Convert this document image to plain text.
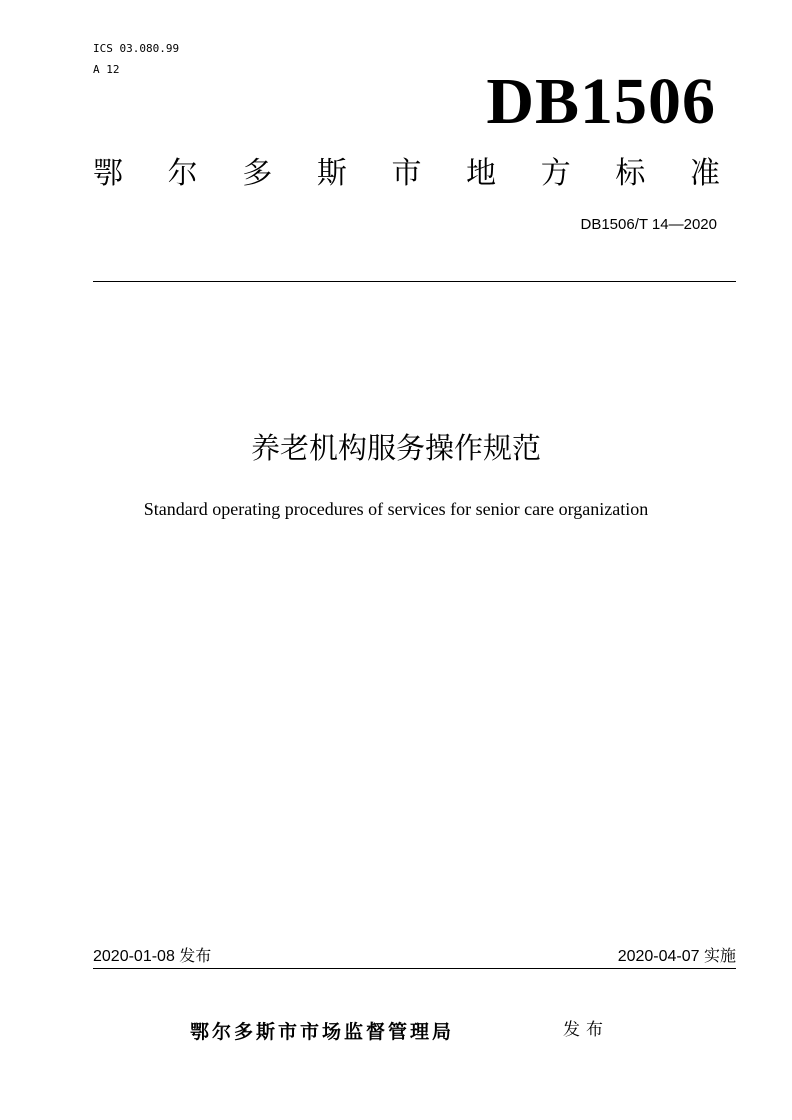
ICS 03.080.99
A 12	DB1506
鄂 尔 多 斯 市 地 方 标 准
DB1506/T 14—2020
养老机构服务操作规范
Standard operating procedures of services for senior care organization
2020-01-08 发布	2020-04-07 实施
鄂尔多斯市市场监督管理局	发布
